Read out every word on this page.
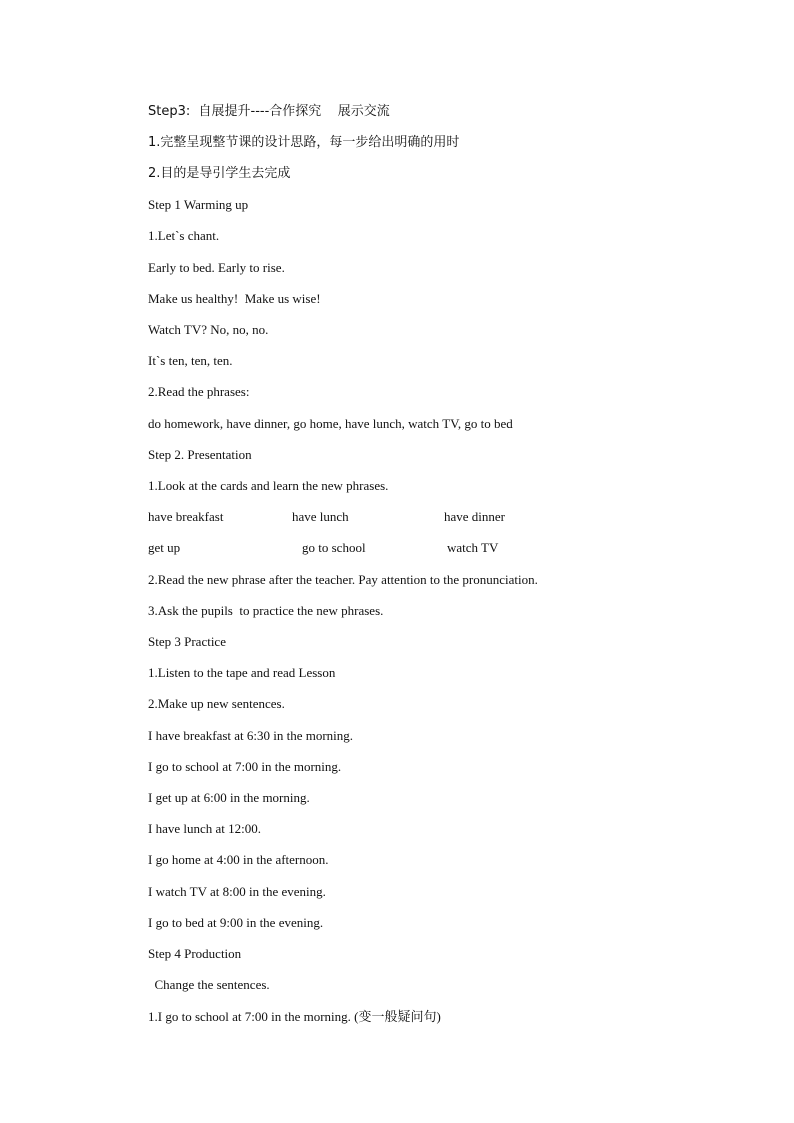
Step3:  自展提升----合作探究    展示交流
1.完整呈现整节课的设计思路，每一步给出明确的用时
2.目的是导引学生去完成
Step 1 Warming up
1.Let`s chant.
Early to bed. Early to rise.
Make us healthy!  Make us wise!
Watch TV? No, no, no.
It`s ten, ten, ten.
2.Read the phrases:
do homework, have dinner, go home, have lunch, watch TV, go to bed
Step 2. Presentation
1.Look at the cards and learn the new phrases.
have breakfast	have lunch	have dinner
get up	go to school	watch TV
2.Read the new phrase after the teacher. Pay attention to the pronunciation.
3.Ask the pupils  to practice the new phrases.
Step 3 Practice
1.Listen to the tape and read Lesson
2.Make up new sentences.
I have breakfast at 6:30 in the morning.
I go to school at 7:00 in the morning.
I get up at 6:00 in the morning.
I have lunch at 12:00.
I go home at 4:00 in the afternoon.
I watch TV at 8:00 in the evening.
I go to bed at 9:00 in the evening.
Step 4 Production
Change the sentences.
1.I go to school at 7:00 in the morning. (变一般疑问句)
